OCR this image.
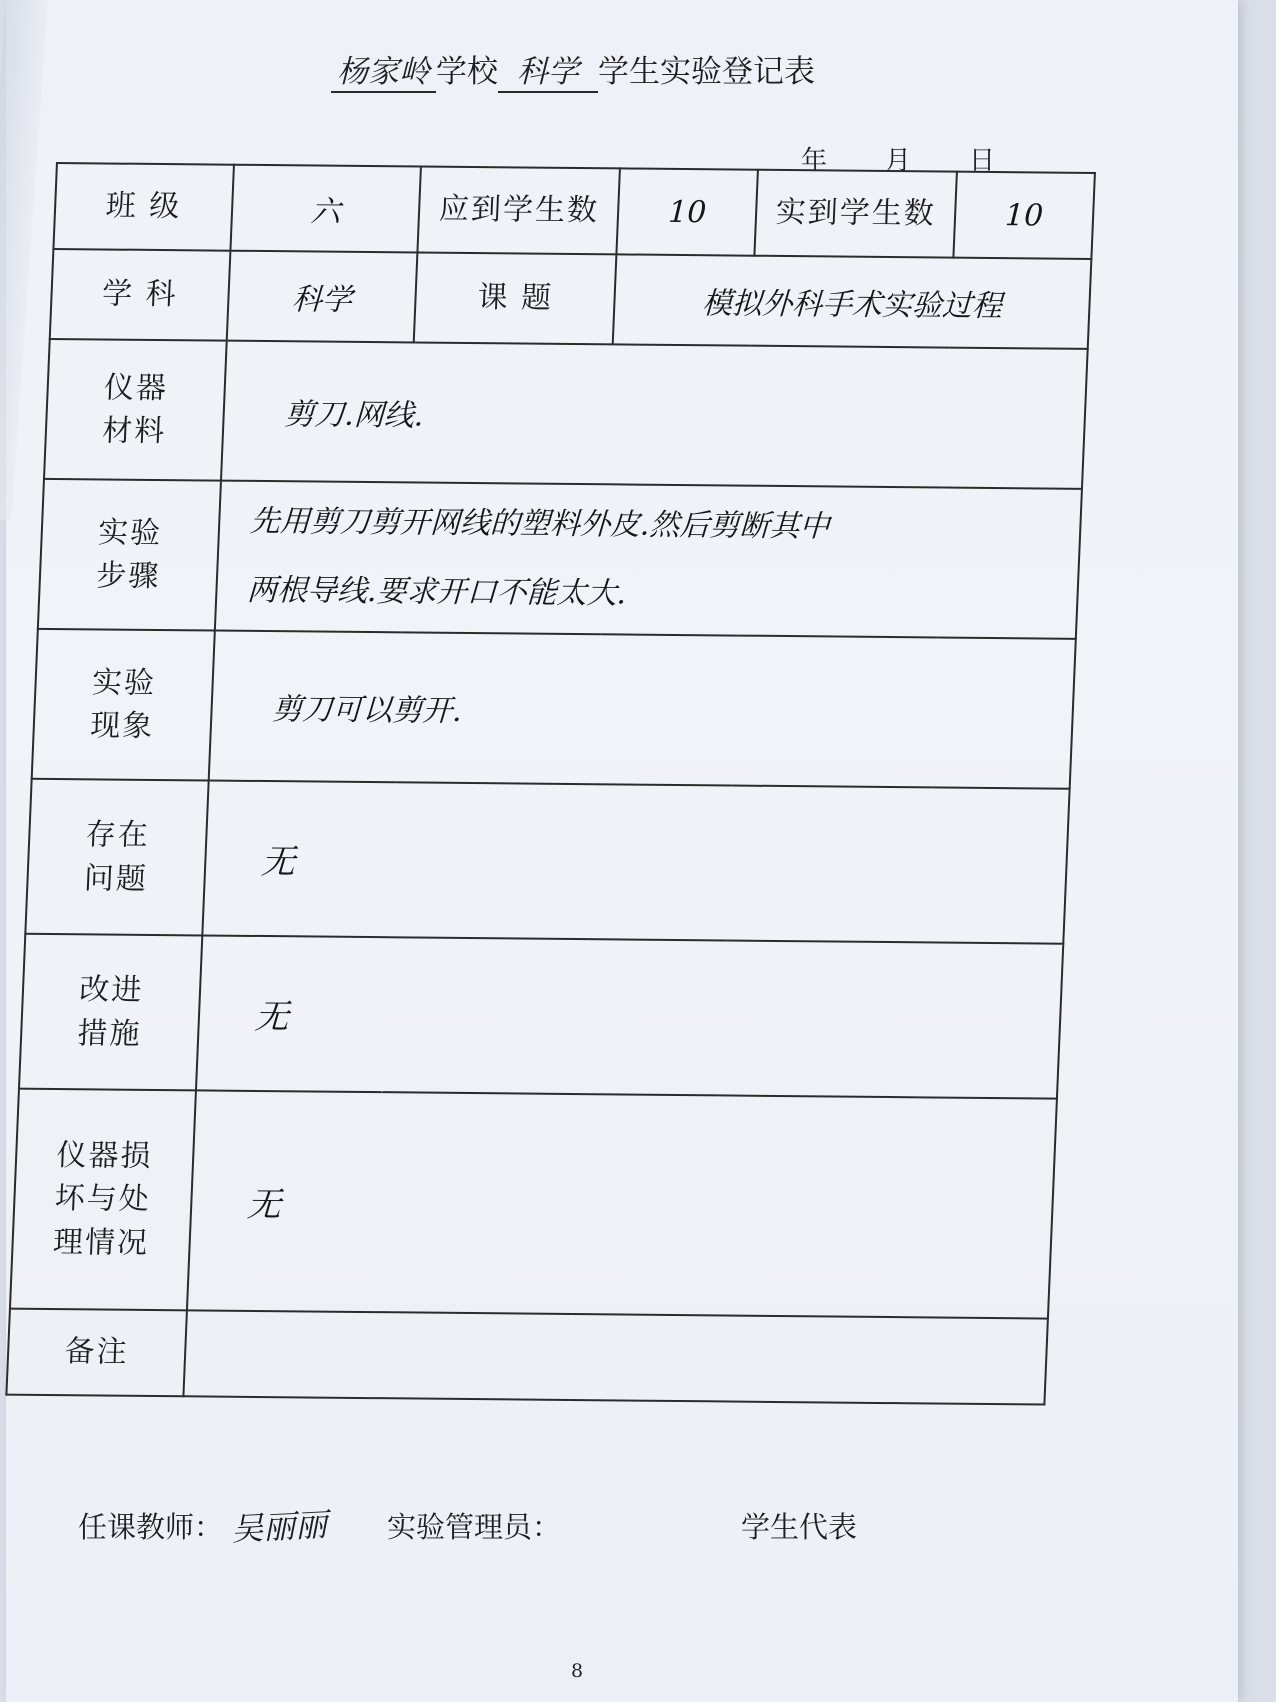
杨家岭 学校 科学 学生实验登记表
年 月 日
班 级	六	应到学生数	10	实到学生数	10
学 科	科学	课 题	模拟外科手术实验过程		
仪器材料	剪刀.网线.				
实验步骤	先用剪刀剪开网线的塑料外皮.然后剪断其中
两根导线.要求开口不能太大.				

实验现象	剪刀可以剪开.				
存在问题	无				
改进措施	无				
仪器损坏与处理情况	无				
备注					
任课教师： 吴丽丽 实验管理员：	学生代表
8
